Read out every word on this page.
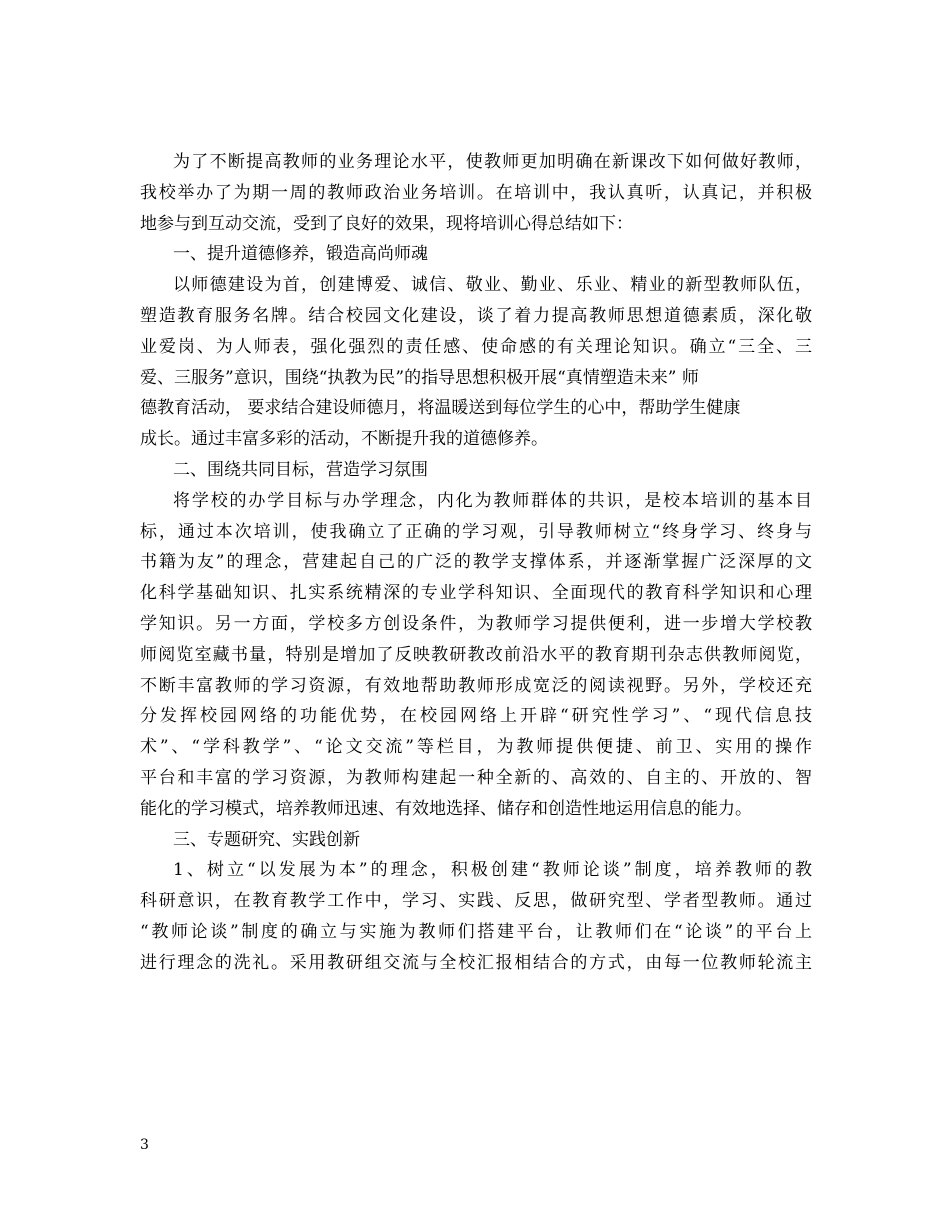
为了不断提高教师的业务理论水平，使教师更加明确在新课改下如何做好教师，
我校举办了为期一周的教师政治业务培训。在培训中，我认真听，认真记，并积极
地参与到互动交流，受到了良好的效果，现将培训心得总结如下：
一、提升道德修养，锻造高尚师魂
以师德建设为首，创建博爱、诚信、敬业、勤业、乐业、精业的新型教师队伍，
塑造教育服务名牌。结合校园文化建设，谈了着力提高教师思想道德素质，深化敬
业爱岗、为人师表，强化强烈的责任感、使命感的有关理论知识。确立“三全、三
爱、三服务”意识，围绕“执教为民”的指导思想积极开展“真情塑造未来” 师
德教育活动， 要求结合建设师德月，将温暖送到每位学生的心中，帮助学生健康
成长。通过丰富多彩的活动，不断提升我的道德修养。
二、围绕共同目标，营造学习氛围
将学校的办学目标与办学理念，内化为教师群体的共识，是校本培训的基本目
标，通过本次培训，使我确立了正确的学习观，引导教师树立“终身学习、终身与
书籍为友”的理念，营建起自己的广泛的教学支撑体系，并逐渐掌握广泛深厚的文
化科学基础知识、扎实系统精深的专业学科知识、全面现代的教育科学知识和心理
学知识。另一方面，学校多方创设条件，为教师学习提供便利，进一步增大学校教
师阅览室藏书量，特别是增加了反映教研教改前沿水平的教育期刊杂志供教师阅览，
不断丰富教师的学习资源，有效地帮助教师形成宽泛的阅读视野。另外，学校还充
分发挥校园网络的功能优势，在校园网络上开辟“研究性学习”、“现代信息技
术”、“学科教学”、“论文交流”等栏目，为教师提供便捷、前卫、实用的操作
平台和丰富的学习资源，为教师构建起一种全新的、高效的、自主的、开放的、智
能化的学习模式，培养教师迅速、有效地选择、储存和创造性地运用信息的能力。
三、专题研究、实践创新
1、树立“以发展为本”的理念，积极创建“教师论谈”制度，培养教师的教
科研意识，在教育教学工作中，学习、实践、反思，做研究型、学者型教师。通过
“教师论谈”制度的确立与实施为教师们搭建平台，让教师们在“论谈”的平台上
进行理念的洗礼。采用教研组交流与全校汇报相结合的方式，由每一位教师轮流主
3
